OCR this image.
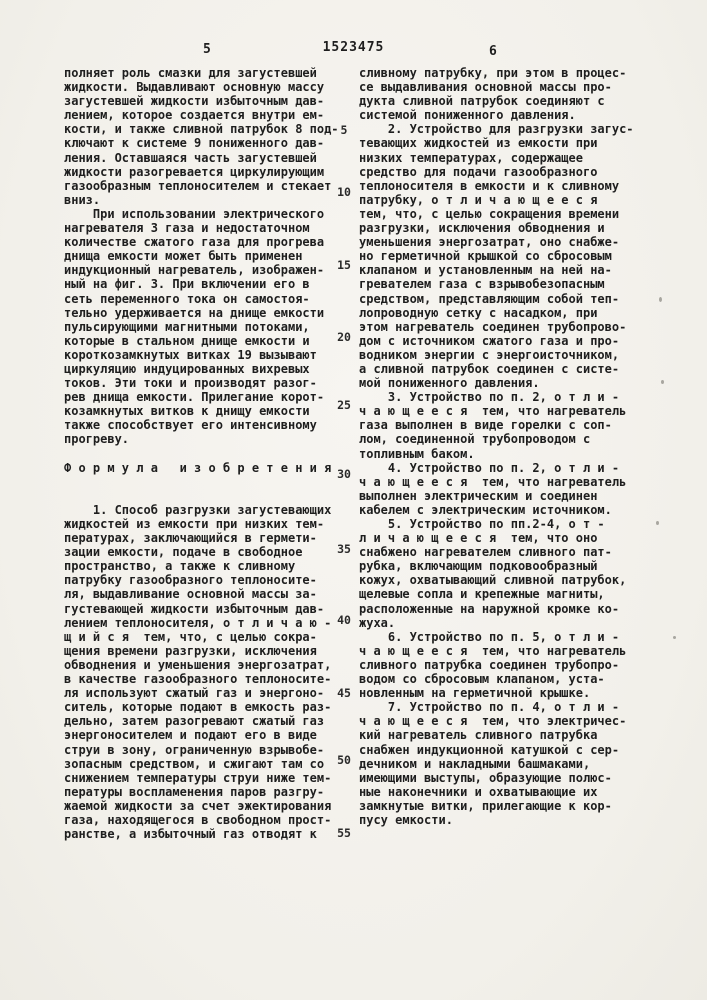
5	1523475	6
полняет роль смазки для загустевшей
жидкости. Выдавливают основную массу
загустевшей жидкости избыточным дав-
лением, которое создается внутри ем-
кости, и также сливной патрубок 8 под-
ключают к системе 9 пониженного дав-
ления. Оставшаяся часть загустевшей
жидкости разогревается циркулирующим
газообразным теплоносителем и стекает
вниз.
При использовании электрического
нагревателя 3 газа и недостаточном
количестве сжатого газа для прогрева
днища емкости может быть применен
индукционный нагреватель, изображен-
ный на фиг. 3. При включении его в
сеть переменного тока он самостоя-
тельно удерживается на днище емкости
пульсирующими магнитными потоками,
которые в стальном днище емкости и
короткозамкнутых витках 19 вызывают
циркуляцию индуцированных вихревых
токов. Эти токи и производят разог-
рев днища емкости. Прилегание корот-
козамкнутых витков к днищу емкости
также способствует его интенсивному
прогреву.

Ф о р м у л а   и з о б р е т е н и я

1. Способ разгрузки загустевающих
жидкостей из емкости при низких тем-
пературах, заключающийся в гермети-
зации емкости, подаче в свободное
пространство, а также к сливному
патрубку газообразного теплоносите-
ля, выдавливание основной массы за-
густевающей жидкости избыточным дав-
лением теплоносителя, о т л и ч а ю -
щ и й с я  тем, что, с целью сокра-
щения времени разгрузки, исключения
обводнения и уменьшения энергозатрат,
в качестве газообразного теплоносите-
ля используют сжатый газ и энергоно-
ситель, которые подают в емкость раз-
дельно, затем разогревают сжатый газ
энергоносителем и подают его в виде
струи в зону, ограниченную взрывобе-
зопасным средством, и сжигают там со
снижением температуры струи ниже тем-
пературы воспламенения паров разгру-
жаемой жидкости за счет эжектирования
газа, находящегося в свободном прост-
ранстве, а избыточный газ отводят к
сливному патрубку, при этом в процес-
се выдавливания основной массы про-
дукта сливной патрубок соединяют с
системой пониженного давления.
2. Устройство для разгрузки загус-
тевающих жидкостей из емкости при
низких температурах, содержащее
средство для подачи газообразного
теплоносителя в емкости и к сливному
патрубку, о т л и ч а ю щ е е с я
тем, что, с целью сокращения времени
разгрузки, исключения обводнения и
уменьшения энергозатрат, оно снабже-
но герметичной крышкой со сбросовым
клапаном и установленным на ней на-
гревателем газа с взрывобезопасным
средством, представляющим собой теп-
лопроводную сетку с насадком, при
этом нагреватель соединен трубопрово-
дом с источником сжатого газа и про-
водником энергии с энергоисточником,
а сливной патрубок соединен с систе-
мой пониженного давления.
3. Устройство по п. 2, о т л и -
ч а ю щ е е с я  тем, что нагреватель
газа выполнен в виде горелки с соп-
лом, соединенной трубопроводом с
топливным баком.
4. Устройство по п. 2, о т л и -
ч а ю щ е е с я  тем, что нагреватель
выполнен электрическим и соединен
кабелем с электрическим источником.
5. Устройство по пп.2-4, о т -
л и ч а ю щ е е с я  тем, что оно
снабжено нагревателем сливного пат-
рубка, включающим подковообразный
кожух, охватывающий сливной патрубок,
щелевые сопла и крепежные магниты,
расположенные на наружной кромке ко-
жуха.
6. Устройство по п. 5, о т л и -
ч а ю щ е е с я  тем, что нагреватель
сливного патрубка соединен трубопро-
водом со сбросовым клапаном, уста-
новленным на герметичной крышке.
7. Устройство по п. 4, о т л и -
ч а ю щ е е с я  тем, что электричес-
кий нагреватель сливного патрубка
снабжен индукционной катушкой с сер-
дечником и накладными башмаками,
имеющими выступы, образующие полюс-
ные наконечники и охватывающие их
замкнутые витки, прилегающие к кор-
пусу емкости.
5
10
15
20
25
30
35
40
45
50
55
